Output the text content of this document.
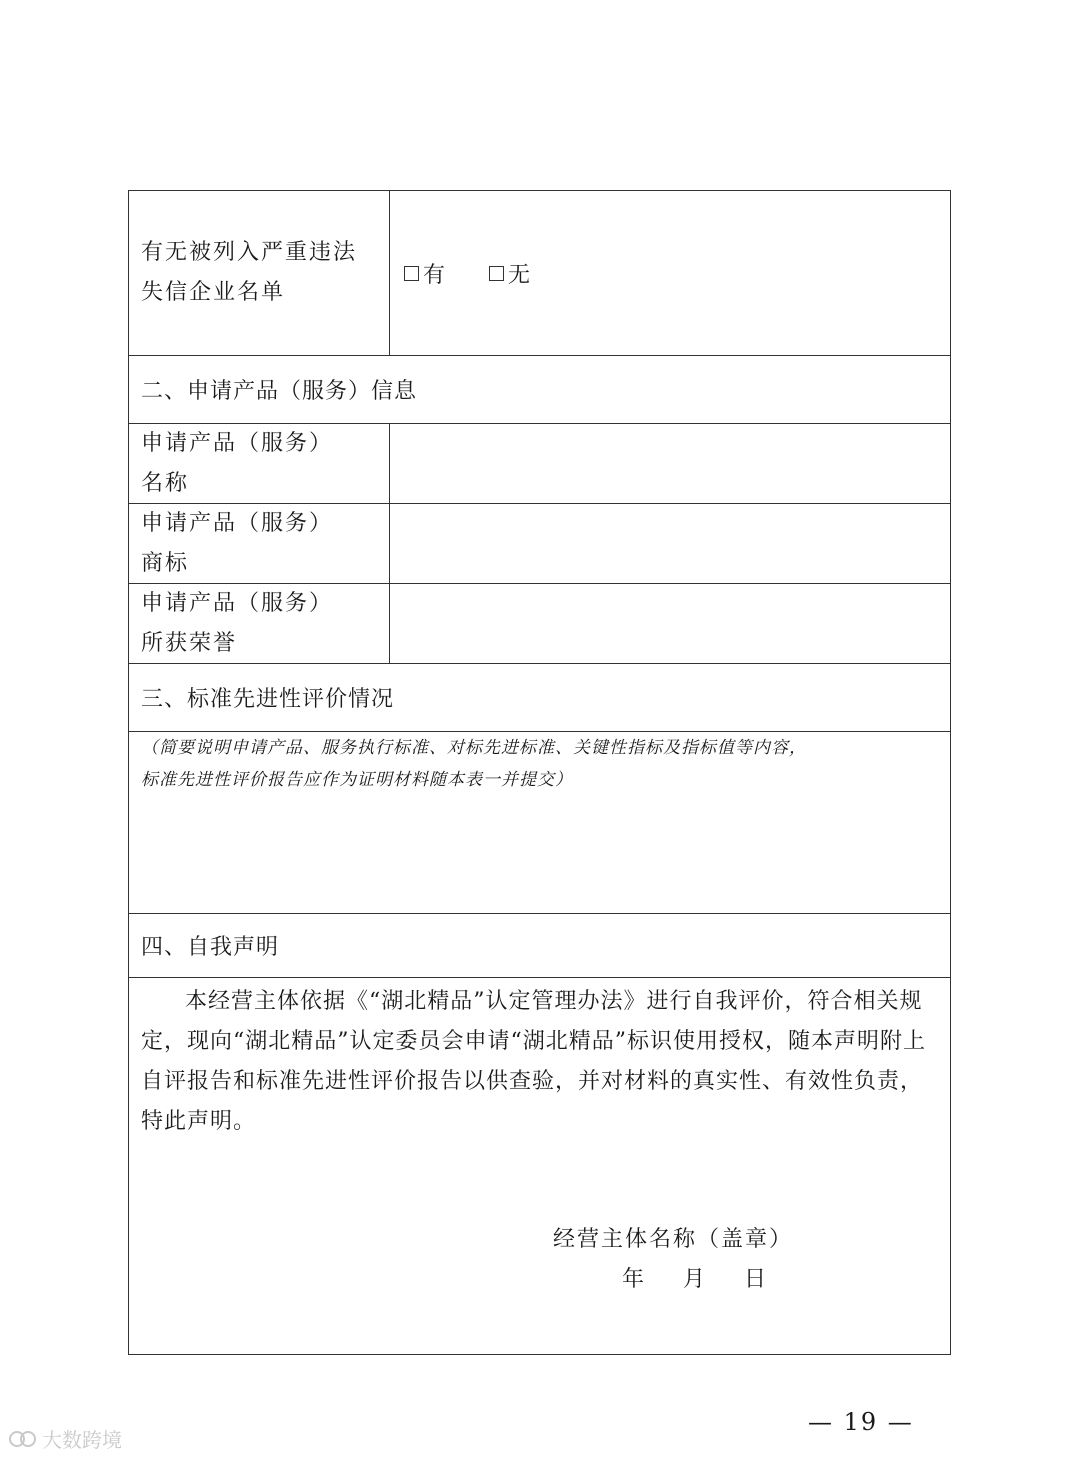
有无被列入严重违法
失信企业名单
有	无
二、申请产品（服务）信息
申请产品（服务）
名称
申请产品（服务）
商标
申请产品（服务）
所获荣誉
三、标准先进性评价情况
（简要说明申请产品、服务执行标准、对标先进标准、关键性指标及指标值等内容，
标准先进性评价报告应作为证明材料随本表一并提交）
四、自我声明
本经营主体依据《“湖北精品”认定管理办法》进行自我评价，符合相关规定，现向“湖北精品”认定委员会申请“湖北精品”标识使用授权，随本声明附上自评报告和标准先进性评价报告以供查验，并对材料的真实性、有效性负责，特此声明。
经营主体名称（盖章）
年 月 日
— 19 —
大数跨境
